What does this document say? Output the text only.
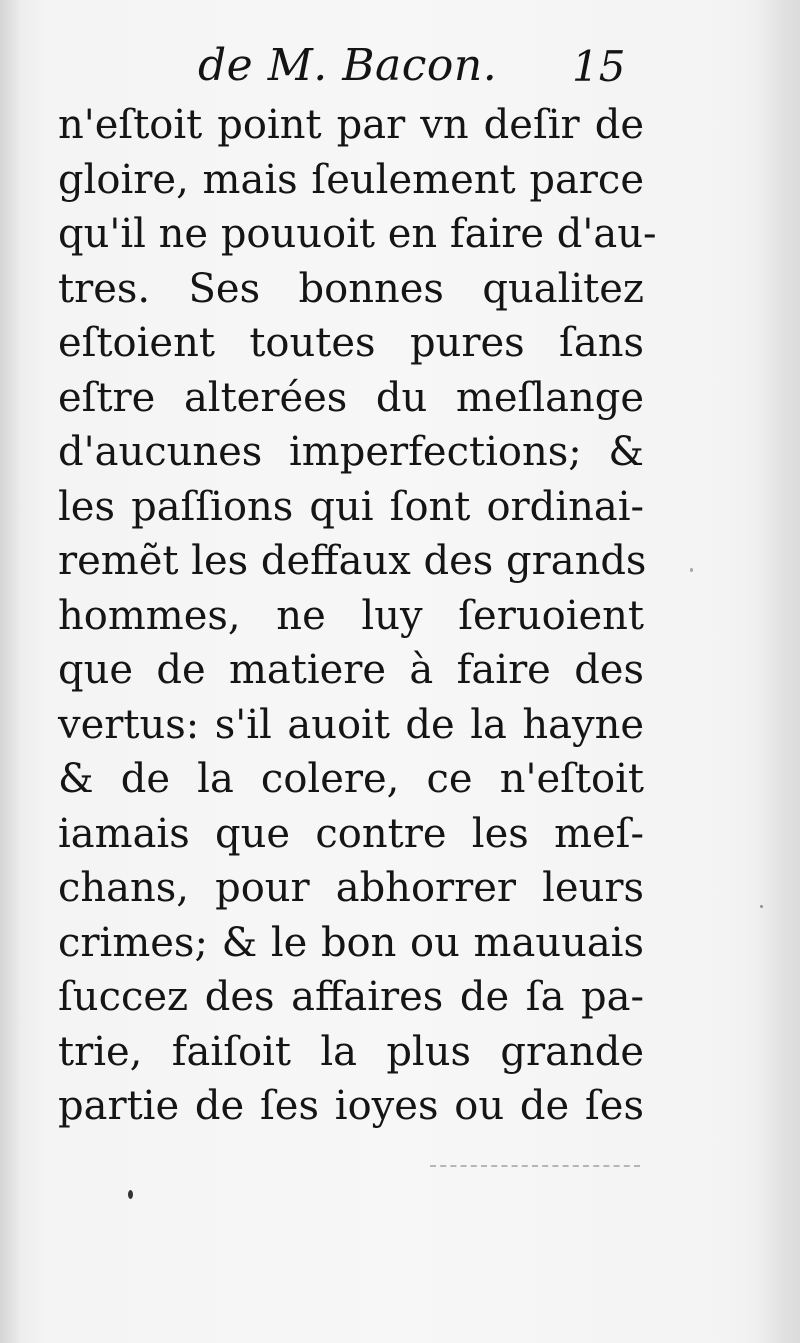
de M. Bacon. 15
n'eſtoit point par vn deſir de
gloire, mais ſeulement parce
qu'il ne pouuoit en faire d'au-
tres. Ses bonnes qualitez
eſtoient toutes pures ſans
eſtre alterées du meſlange
d'aucunes imperfections; &
les paſſions qui ſont ordinai-
remẽt les deffaux des grands
hommes, ne luy ſeruoient
que de matiere à faire des
vertus: s'il auoit de la hayne
& de la colere, ce n'eſtoit
iamais que contre les meſ-
chans, pour abhorrer leurs
crimes; & le bon ou mauuais
ſuccez des affaires de ſa pa-
trie, faiſoit la plus grande
partie de ſes ioyes ou de ſes
